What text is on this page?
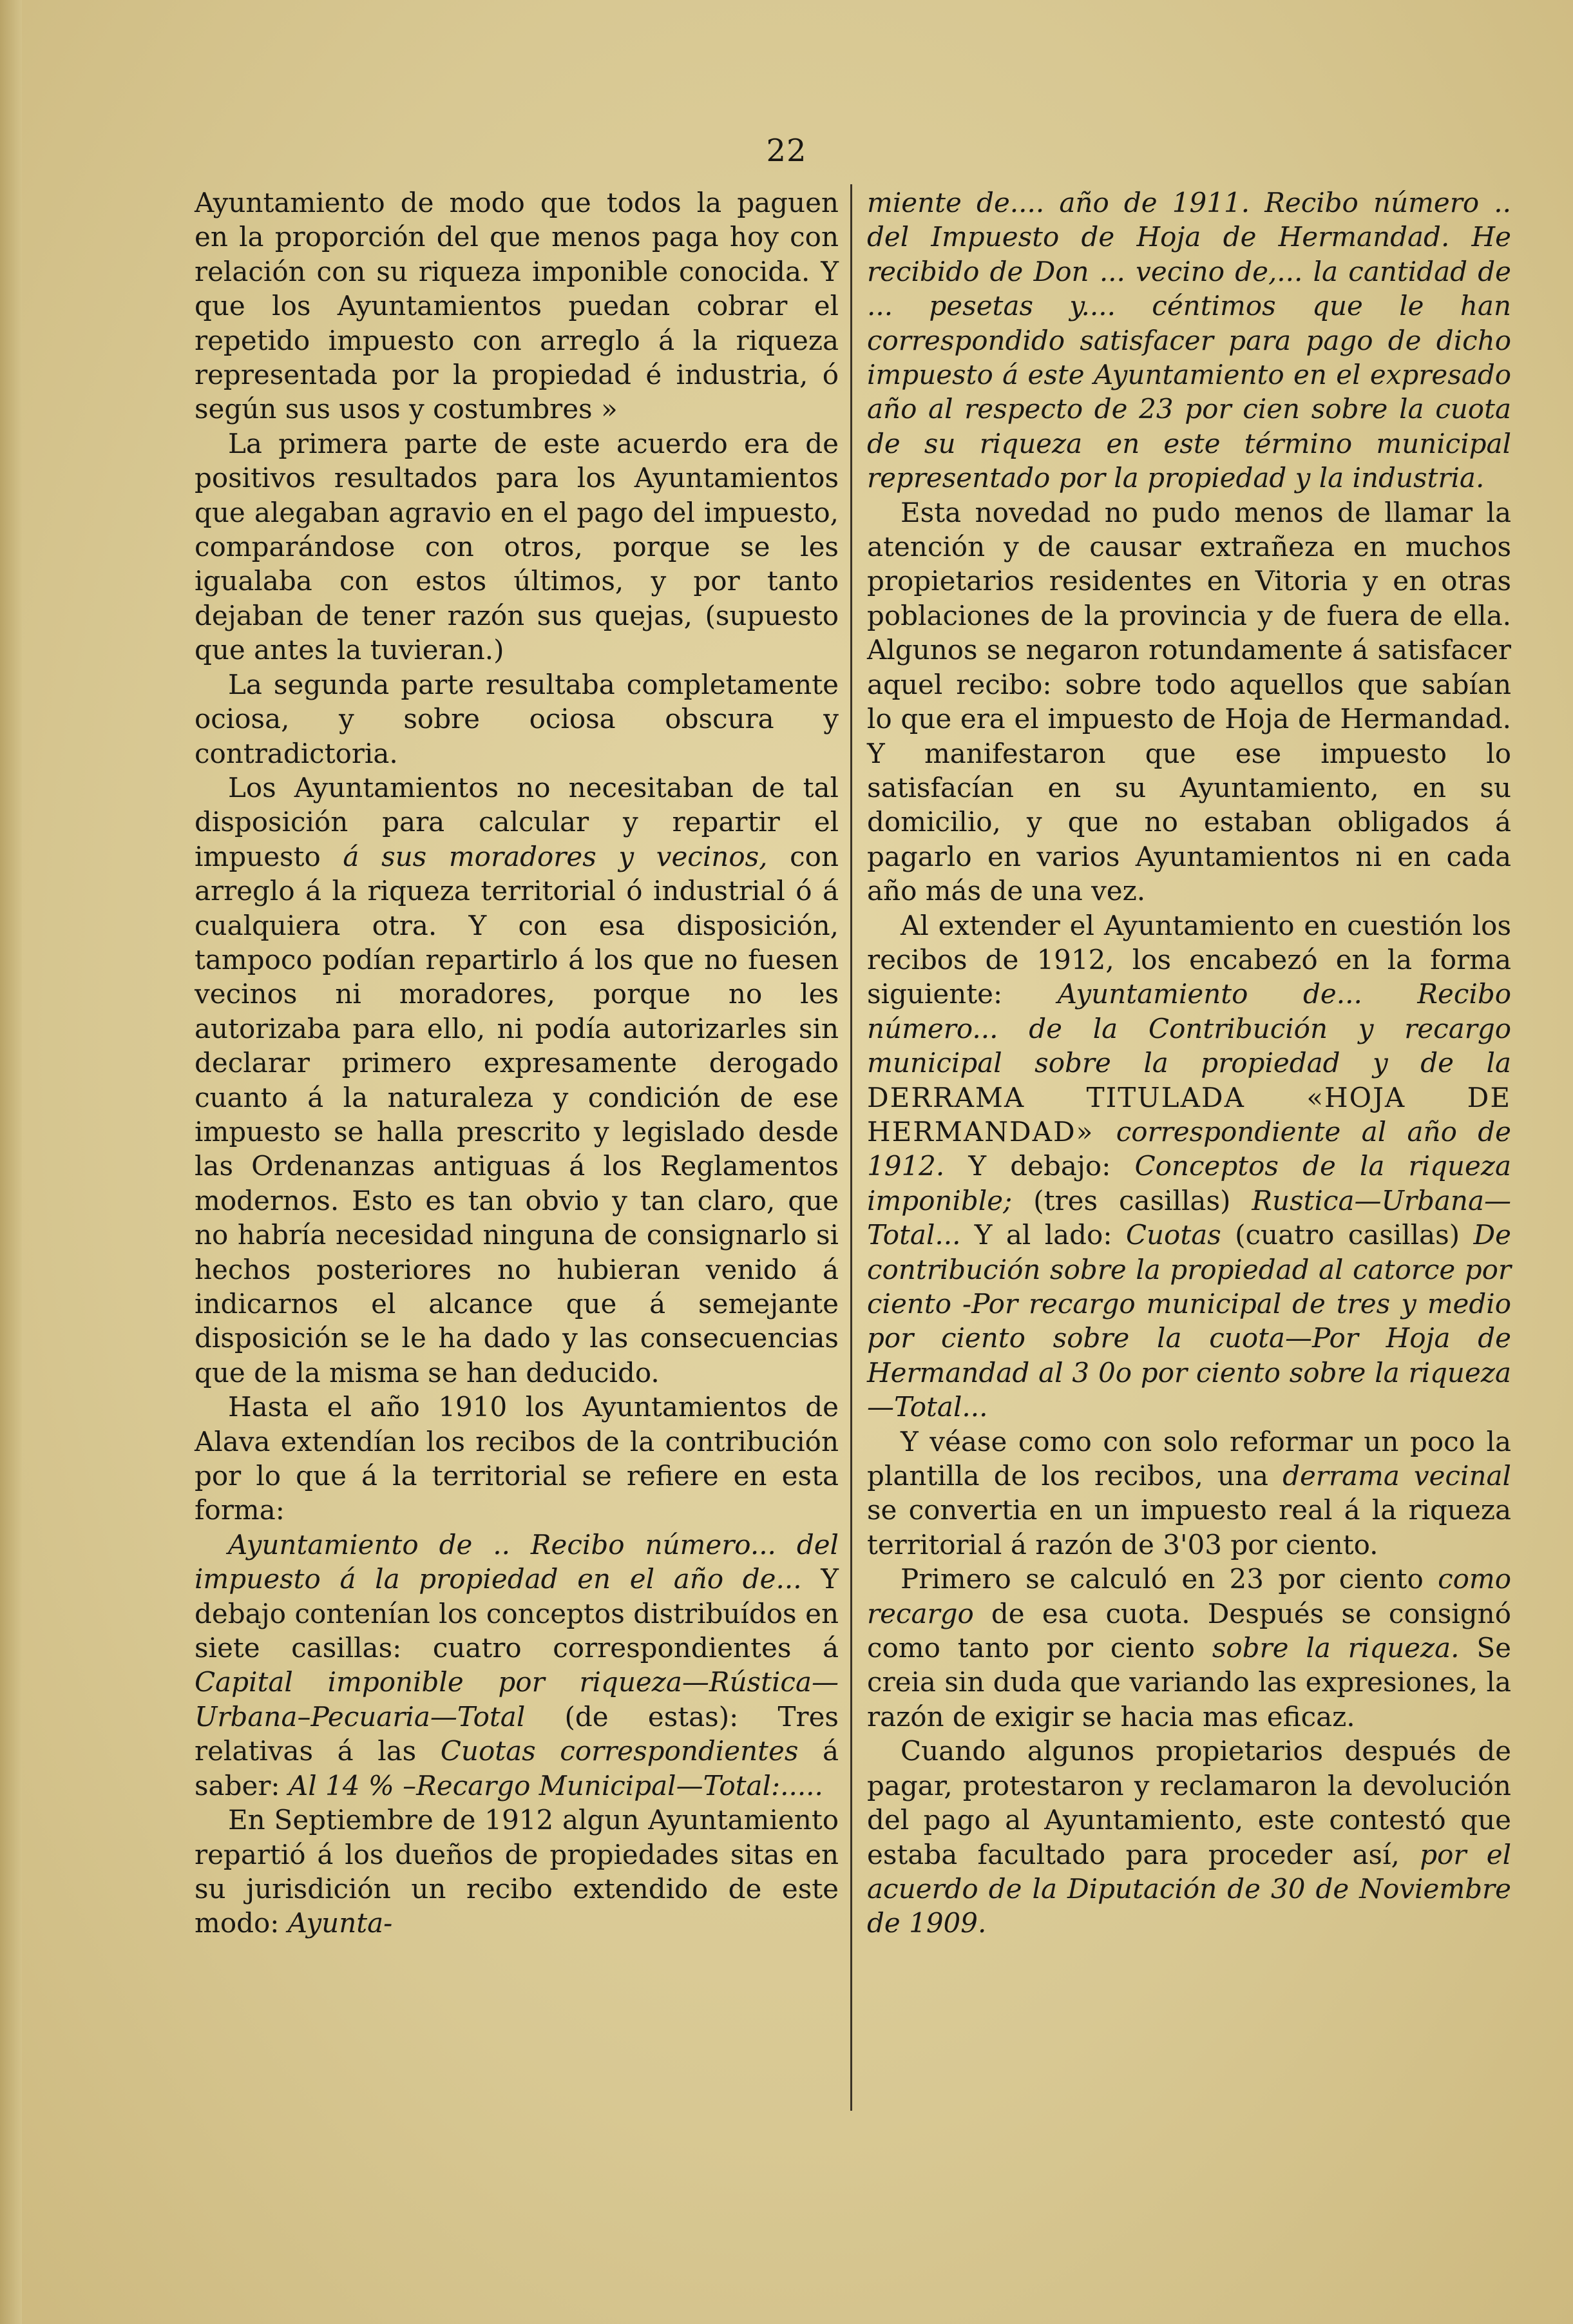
22

Ayuntamiento de modo que todos la paguen en la proporción del que menos paga hoy con relación con su riqueza imponible conocida. Y que los Ayuntamientos puedan cobrar el repetido impuesto con arreglo á la riqueza representada por la propiedad é industria, ó según sus usos y costumbres »

La primera parte de este acuerdo era de positivos resultados para los Ayuntamientos que alegaban agravio en el pago del impuesto, comparándose con otros, porque se les igualaba con estos últimos, y por tanto dejaban de tener razón sus quejas, (supuesto que antes la tuvieran.)

La segunda parte resultaba completamente ociosa, y sobre ociosa obscura y contradictoria.

Los Ayuntamientos no necesitaban de tal disposición para calcular y repartir el impuesto á sus moradores y vecinos, con arreglo á la riqueza territorial ó industrial ó á cualquiera otra. Y con esa disposición, tampoco podían repartirlo á los que no fuesen vecinos ni moradores, porque no les autorizaba para ello, ni podía autorizarles sin declarar primero expresamente derogado cuanto á la naturaleza y condición de ese impuesto se halla prescrito y legislado desde las Ordenanzas antiguas á los Reglamentos modernos. Esto es tan obvio y tan claro, que no habría necesidad ninguna de consignarlo si hechos posteriores no hubieran venido á indicarnos el alcance que á semejante disposición se le ha dado y las consecuencias que de la misma se han deducido.

Hasta el año 1910 los Ayuntamientos de Alava extendían los recibos de la contribución por lo que á la territorial se refiere en esta forma:

Ayuntamiento de .. Recibo número... del impuesto á la propiedad en el año de... Y debajo contenían los conceptos distribuídos en siete casillas: cuatro correspondientes á Capital imponible por riqueza—Rústica—Urbana–Pecuaria—Total (de estas): Tres relativas á las Cuotas correspondientes á saber: Al 14 % –Recargo Municipal—Total:.....

En Septiembre de 1912 algun Ayuntamiento repartió á los dueños de propiedades sitas en su jurisdición un recibo extendido de este modo: Ayunta-

miente de.... año de 1911. Recibo número .. del Impuesto de Hoja de Hermandad. He recibido de Don ... vecino de,... la cantidad de ... pesetas y.... céntimos que le han correspondido satisfacer para pago de dicho impuesto á este Ayuntamiento en el expresado año al respecto de 23 por cien sobre la cuota de su riqueza en este término municipal representado por la propiedad y la industria.

Esta novedad no pudo menos de llamar la atención y de causar extrañeza en muchos propietarios residentes en Vitoria y en otras poblaciones de la provincia y de fuera de ella. Algunos se negaron rotundamente á satisfacer aquel recibo: sobre todo aquellos que sabían lo que era el impuesto de Hoja de Hermandad. Y manifestaron que ese impuesto lo satisfacían en su Ayuntamiento, en su domicilio, y que no estaban obligados á pagarlo en varios Ayuntamientos ni en cada año más de una vez.

Al extender el Ayuntamiento en cuestión los recibos de 1912, los encabezó en la forma siguiente: Ayuntamiento de... Recibo número... de la Contribución y recargo municipal sobre la propiedad y de la DERRAMA TITULADA «HOJA DE HERMANDAD» correspondiente al año de 1912. Y debajo: Conceptos de la riqueza imponible; (tres casillas) Rustica—Urbana—Total... Y al lado: Cuotas (cuatro casillas) De contribución sobre la propiedad al catorce por ciento -Por recargo municipal de tres y medio por ciento sobre la cuota—Por Hoja de Hermandad al 3 0o por ciento sobre la riqueza—Total...

Y véase como con solo reformar un poco la plantilla de los recibos, una derrama vecinal se convertia en un impuesto real á la riqueza territorial á razón de 3'03 por ciento.

Primero se calculó en 23 por ciento como recargo de esa cuota. Después se consignó como tanto por ciento sobre la riqueza. Se creia sin duda que variando las expresiones, la razón de exigir se hacia mas eficaz.

Cuando algunos propietarios después de pagar, protestaron y reclamaron la devolución del pago al Ayuntamiento, este contestó que estaba facultado para proceder así, por el acuerdo de la Diputación de 30 de Noviembre de 1909.
